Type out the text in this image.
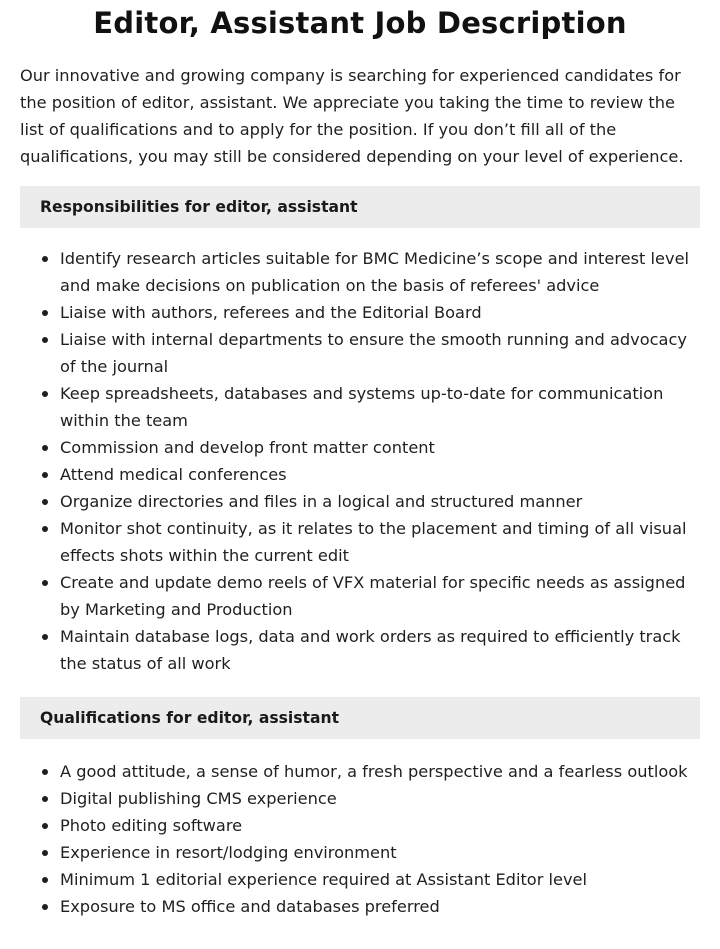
Editor, Assistant Job Description

Our innovative and growing company is searching for experienced candidates for the position of editor, assistant. We appreciate you taking the time to review the list of qualifications and to apply for the position. If you don’t fill all of the qualifications, you may still be considered depending on your level of experience.

Responsibilities for editor, assistant
Identify research articles suitable for BMC Medicine’s scope and interest level and make decisions on publication on the basis of referees' advice
Liaise with authors, referees and the Editorial Board
Liaise with internal departments to ensure the smooth running and advocacy of the journal
Keep spreadsheets, databases and systems up-to-date for communication within the team
Commission and develop front matter content
Attend medical conferences
Organize directories and files in a logical and structured manner
Monitor shot continuity, as it relates to the placement and timing of all visual effects shots within the current edit
Create and update demo reels of VFX material for specific needs as assigned by Marketing and Production
Maintain database logs, data and work orders as required to efficiently track the status of all work
Qualifications for editor, assistant
A good attitude, a sense of humor, a fresh perspective and a fearless outlook
Digital publishing CMS experience
Photo editing software
Experience in resort/lodging environment
Minimum 1 editorial experience required at Assistant Editor level
Exposure to MS office and databases preferred
